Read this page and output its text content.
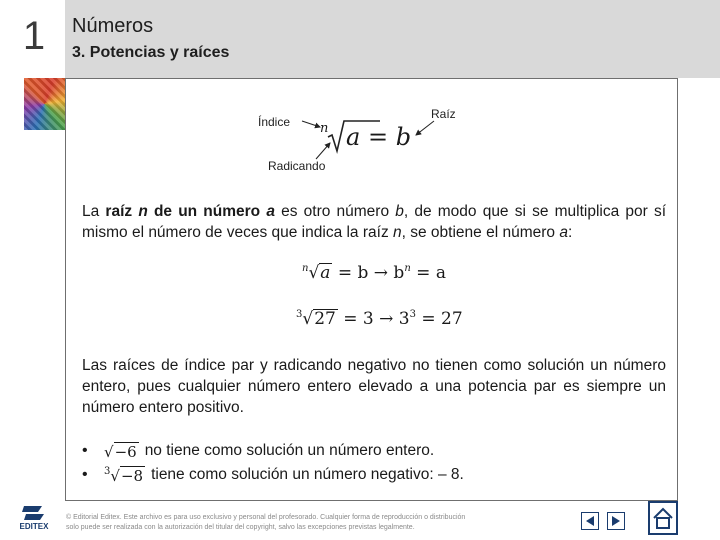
1	Números
3. Potencias y raíces
Índice
Raíz
Radicando
n a = b
La raíz n de un número a es otro número b, de modo que si se multiplica por sí mismo el número de veces que indica la raíz n, se obtiene el número a:
$^n√a = b \to b^n = a$
$^3√27 = 3 \to 3^3 = 27$
Las raíces de índice par y radicando negativo no tienen como solución un número entero, pues cualquier número entero elevado a una potencia par es siempre un número entero positivo.
•	√−6 no tiene como solución un número entero.
•	$^3$√−8 tiene como solución un número negativo: – 8.
EDITEX
© Editorial Editex. Este archivo es para uso exclusivo y personal del profesorado. Cualquier forma de reproducción o distribución
solo puede ser realizada con la autorización del titular del copyright, salvo las excepciones previstas legalmente.
